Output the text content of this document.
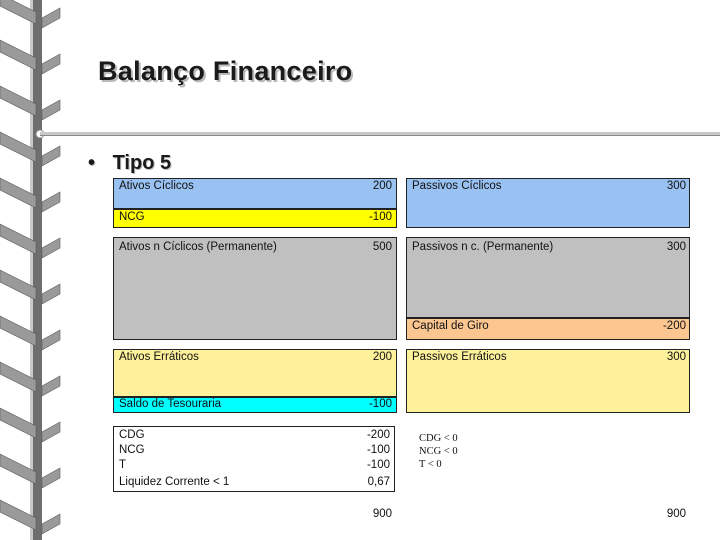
Balanço Financeiro
• Tipo 5
Ativos Cíclicos	200
NCG	-100
Ativos n Cíclicos (Permanente)	500
Ativos Erráticos	200
Saldo de Tesouraria	-100
Passivos Cíclicos	300
Passivos n c. (Permanente)	300
Capital de Giro	-200
Passivos Erráticos	300
CDG	-200
NCG	-100
T	-100
Liquidez Corrente < 1	0,67
CDG < 0
NCG < 0
T < 0
900	900
